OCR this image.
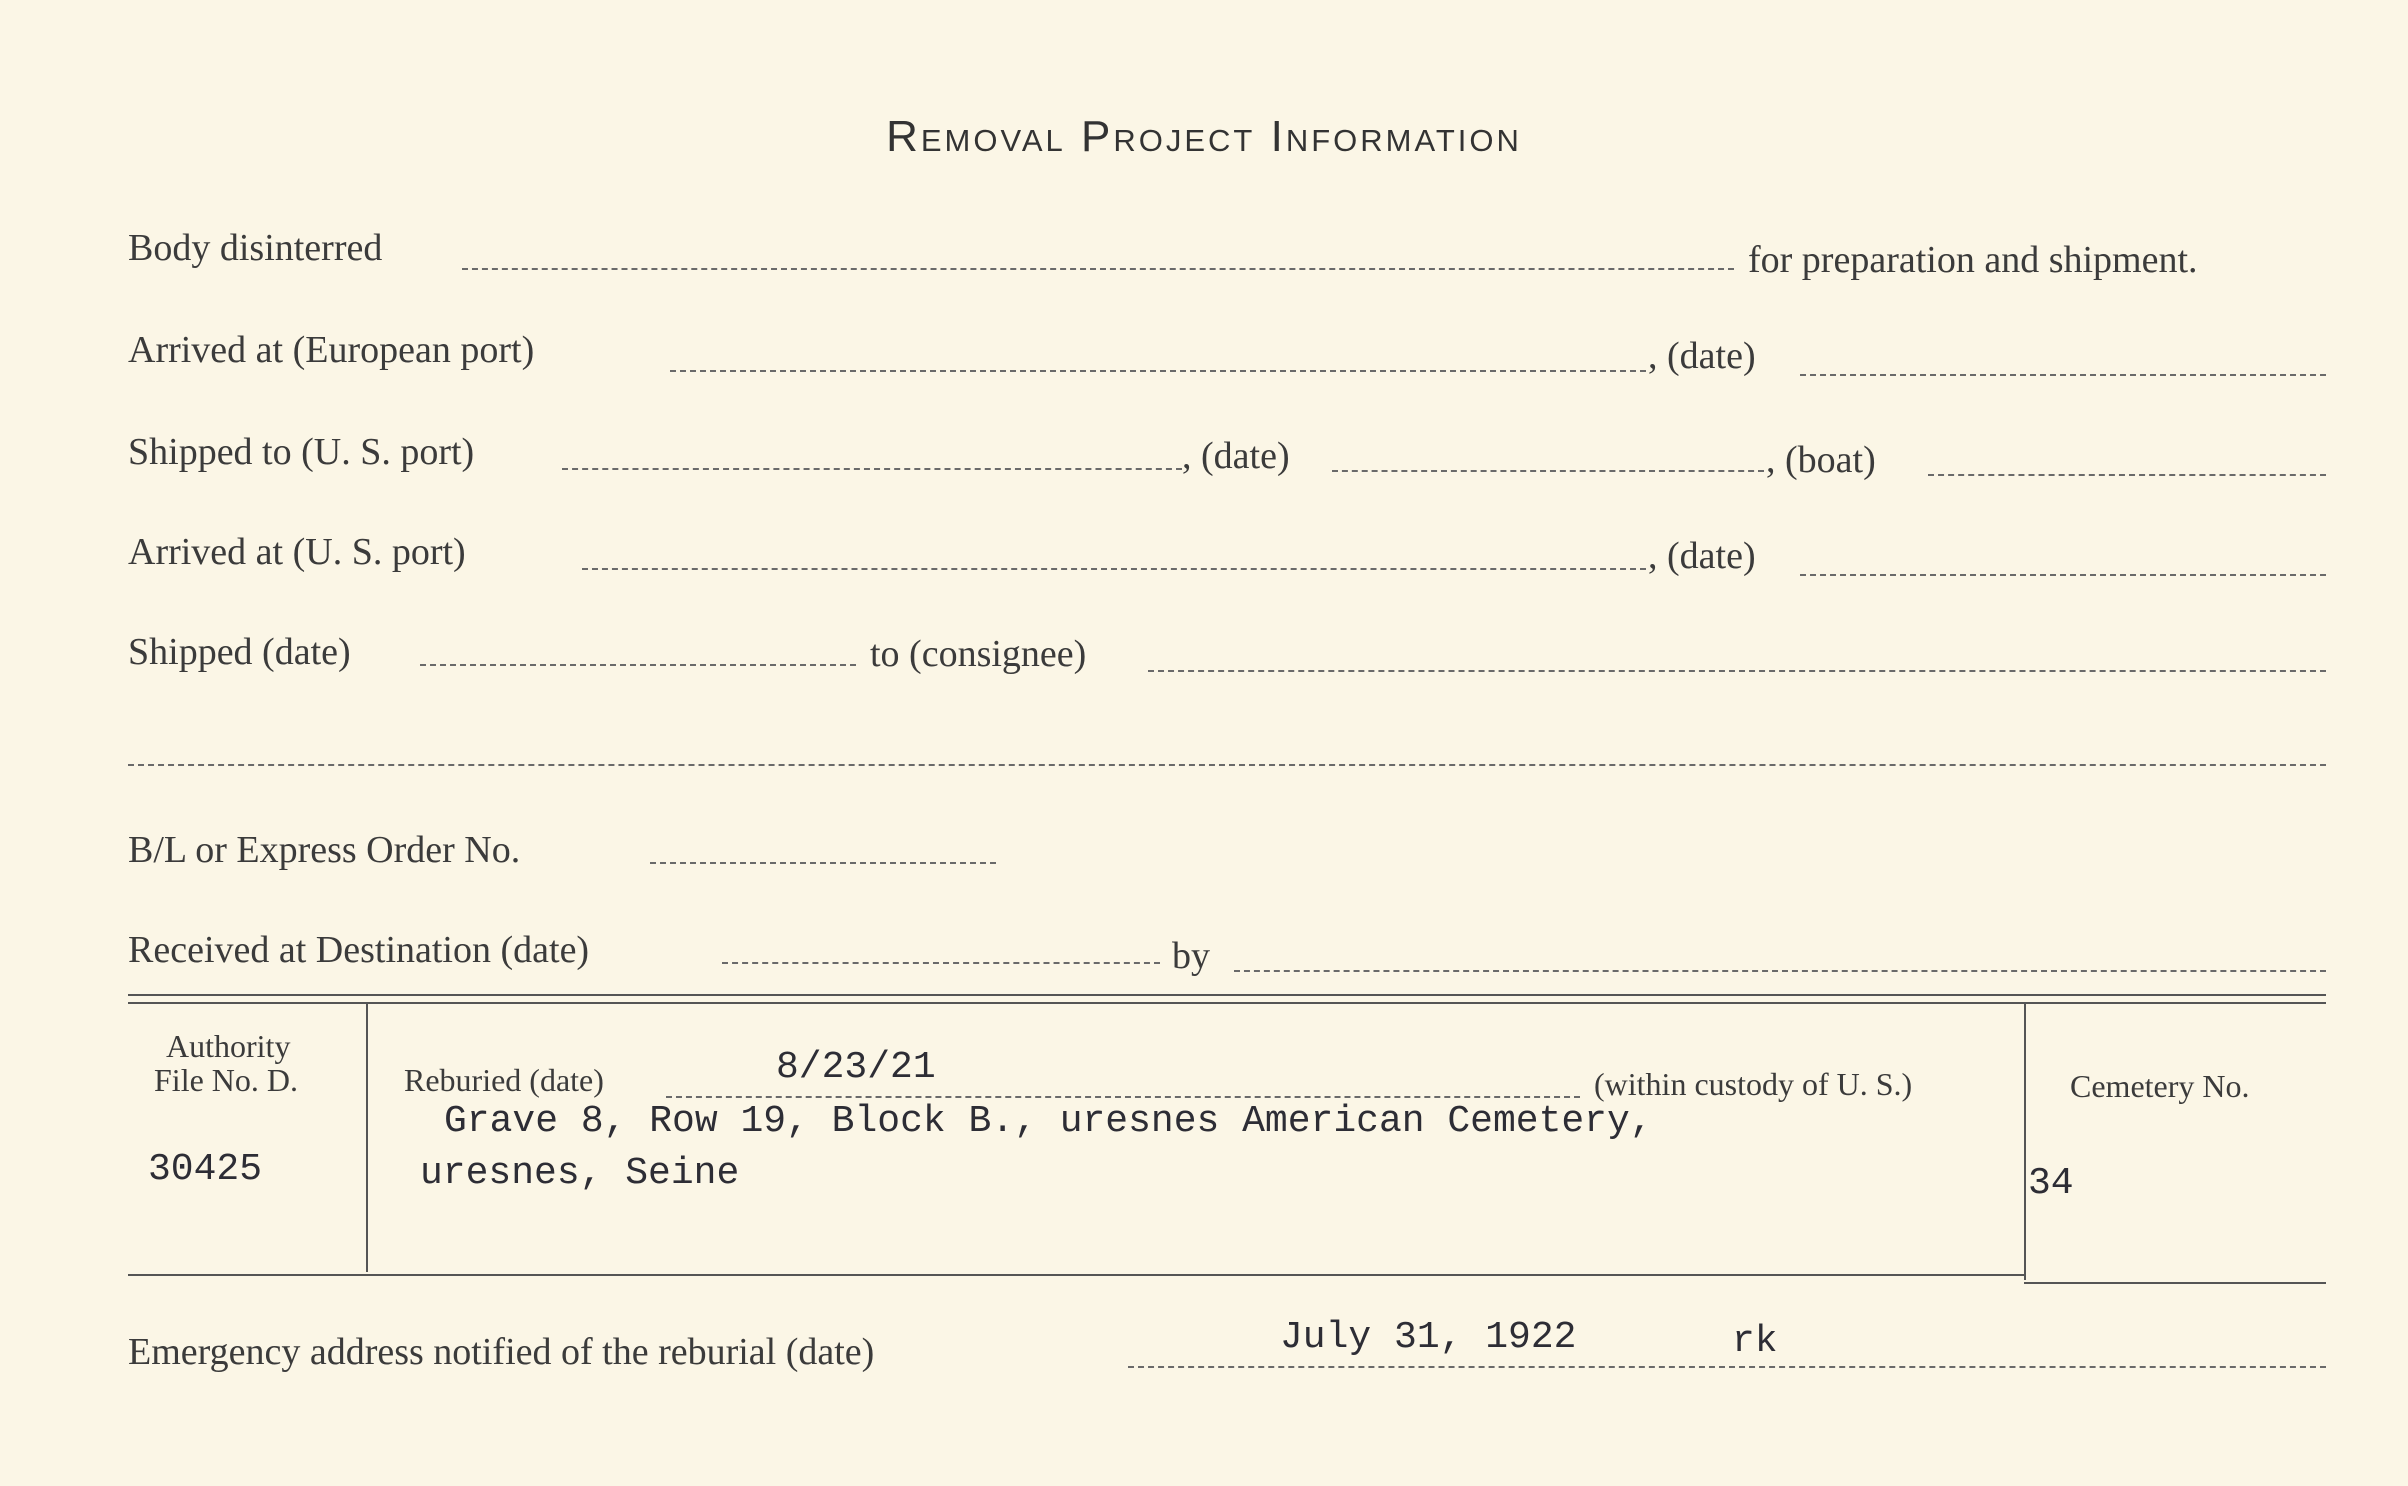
Removal Project Information
Body disinterred	for preparation and shipment.
Arrived at (European port)	, (date)
Shipped to (U. S. port)	, (date)	, (boat)
Arrived at (U. S. port)	, (date)
Shipped (date)	to (consignee)
B/L or Express Order No.
Received at Destination (date)	by
Authority
File No. D.
30425
Reburied (date)	8/23/21	(within custody of U. S.)
Grave 8, Row 19, Block B., uresnes American Cemetery,
uresnes, Seine
Cemetery No.
34
Emergency address notified of the reburial (date)	July 31, 1922	rk
